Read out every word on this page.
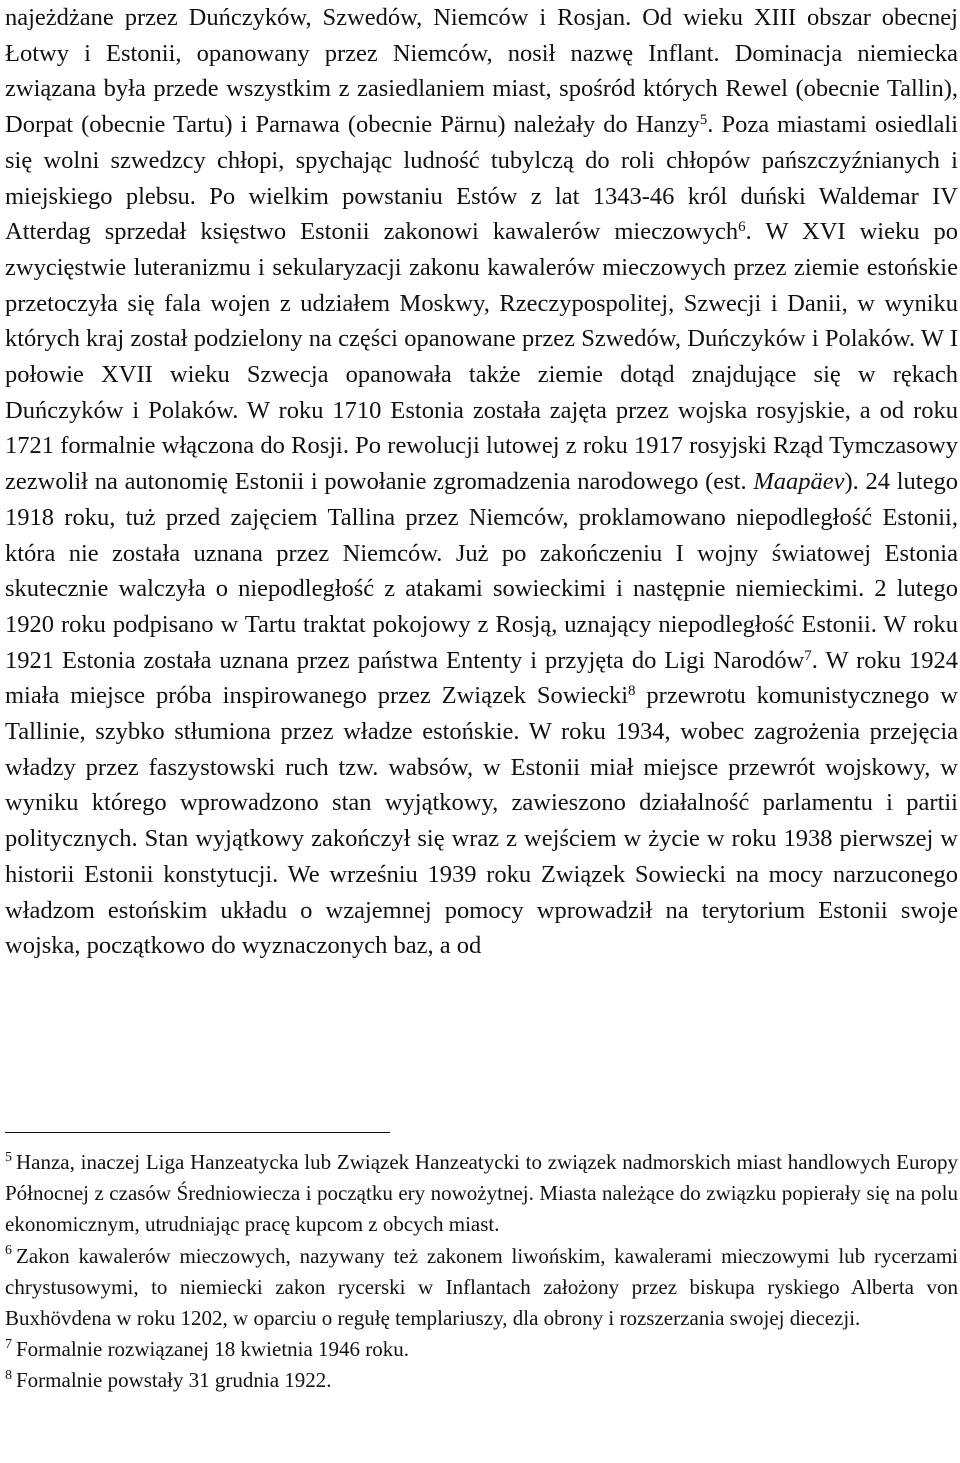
najeżdżane przez Duńczyków, Szwedów, Niemców i Rosjan. Od wieku XIII obszar obecnej Łotwy i Estonii, opanowany przez Niemców, nosił nazwę Inflant. Dominacja niemiecka związana była przede wszystkim z zasiedlaniem miast, spośród których Rewel (obecnie Tallin), Dorpat (obecnie Tartu) i Parnawa (obecnie Pärnu) należały do Hanzy$^5$. Poza miastami osiedlali się wolni szwedzcy chłopi, spychając ludność tubylczą do roli chłopów pańszczyźnianych i miejskiego plebsu. Po wielkim powstaniu Estów z lat 1343-46 król duński Waldemar IV Atterdag sprzedał księstwo Estonii zakonowi kawalerów mieczowych$^6$. W XVI wieku po zwycięstwie luteranizmu i sekularyzacji zakonu kawalerów mieczowych przez ziemie estońskie przetoczyła się fala wojen z udziałem Moskwy, Rzeczypospolitej, Szwecji i Danii, w wyniku których kraj został podzielony na części opanowane przez Szwedów, Duńczyków i Polaków. W I połowie XVII wieku Szwecja opanowała także ziemie dotąd znajdujące się w rękach Duńczyków i Polaków. W roku 1710 Estonia została zajęta przez wojska rosyjskie, a od roku 1721 formalnie włączona do Rosji. Po rewolucji lutowej z roku 1917 rosyjski Rząd Tymczasowy zezwolił na autonomię Estonii i powołanie zgromadzenia narodowego (est. Maapäev). 24 lutego 1918 roku, tuż przed zajęciem Tallina przez Niemców, proklamowano niepodległość Estonii, która nie została uznana przez Niemców. Już po zakończeniu I wojny światowej Estonia skutecznie walczyła o niepodległość z atakami sowieckimi i następnie niemieckimi. 2 lutego 1920 roku podpisano w Tartu traktat pokojowy z Rosją, uznający niepodległość Estonii. W roku 1921 Estonia została uznana przez państwa Ententy i przyjęta do Ligi Narodów$^7$. W roku 1924 miała miejsce próba inspirowanego przez Związek Sowiecki$^8$ przewrotu komunistycznego w Tallinie, szybko stłumiona przez władze estońskie. W roku 1934, wobec zagrożenia przejęcia władzy przez faszystowski ruch tzw. wabsów, w Estonii miał miejsce przewrót wojskowy, w wyniku którego wprowadzono stan wyjątkowy, zawieszono działalność parlamentu i partii politycznych. Stan wyjątkowy zakończył się wraz z wejściem w życie w roku 1938 pierwszej w historii Estonii konstytucji. We wrześniu 1939 roku Związek Sowiecki na mocy narzuconego władzom estońskim układu o wzajemnej pomocy wprowadził na terytorium Estonii swoje wojska, początkowo do wyznaczonych baz, a od

$^5$ Hanza, inaczej Liga Hanzeatycka lub Związek Hanzeatycki to związek nadmorskich miast handlowych Europy Północnej z czasów Średniowiecza i początku ery nowożytnej. Miasta należące do związku popierały się na polu ekonomicznym, utrudniając pracę kupcom z obcych miast.

$^6$ Zakon kawalerów mieczowych, nazywany też zakonem liwońskim, kawalerami mieczowymi lub rycerzami chrystusowymi, to niemiecki zakon rycerski w Inflantach założony przez biskupa ryskiego Alberta von Buxhövdena w roku 1202, w oparciu o regułę templariuszy, dla obrony i rozszerzania swojej diecezji.

$^7$ Formalnie rozwiązanej 18 kwietnia 1946 roku.

$^8$ Formalnie powstały 31 grudnia 1922.
